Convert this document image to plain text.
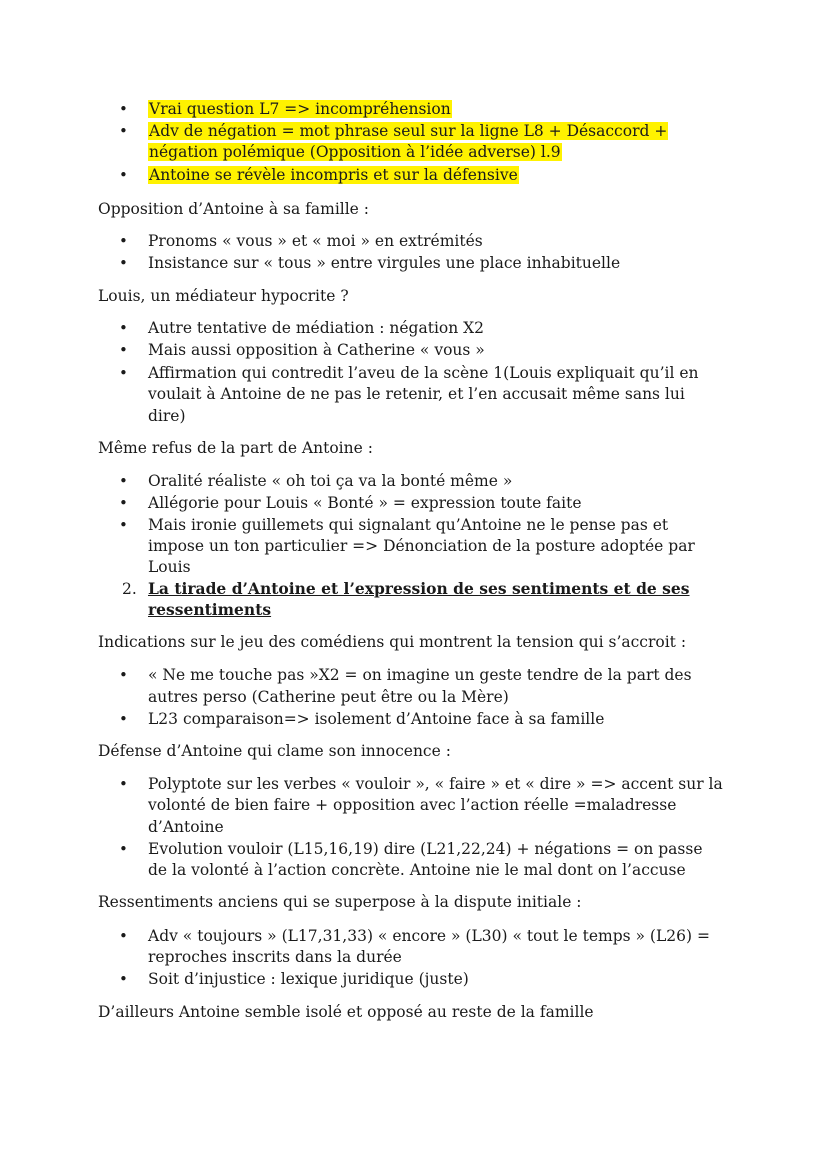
• Vrai question L7 => incompréhension
• Adv de négation = mot phrase seul sur la ligne L8 + Désaccord +
négation polémique (Opposition à l’idée adverse) l.9
• Antoine se révèle incompris et sur la défensive
Opposition d’Antoine à sa famille :
• Pronoms « vous » et « moi » en extrémités
• Insistance sur « tous » entre virgules une place inhabituelle
Louis, un médiateur hypocrite ?
• Autre tentative de médiation : négation X2
• Mais aussi opposition à Catherine « vous »
• Affirmation qui contredit l’aveu de la scène 1(Louis expliquait qu’il en
voulait à Antoine de ne pas le retenir, et l’en accusait même sans lui
dire)
Même refus de la part de Antoine :
• Oralité réaliste « oh toi ça va la bonté même »
• Allégorie pour Louis « Bonté » = expression toute faite
• Mais ironie guillemets qui signalant qu’Antoine ne le pense pas et
impose un ton particulier => Dénonciation de la posture adoptée par
Louis
2. La tirade d’Antoine et l’expression de ses sentiments et de ses
ressentiments
Indications sur le jeu des comédiens qui montrent la tension qui s’accroit :
• « Ne me touche pas »X2 = on imagine un geste tendre de la part des
autres perso (Catherine peut être ou la Mère)
• L23 comparaison=> isolement d’Antoine face à sa famille
Défense d’Antoine qui clame son innocence :
• Polyptote sur les verbes « vouloir », « faire » et « dire » => accent sur la
volonté de bien faire + opposition avec l’action réelle =maladresse
d’Antoine
• Evolution vouloir (L15,16,19) dire (L21,22,24) + négations = on passe
de la volonté à l’action concrète. Antoine nie le mal dont on l’accuse
Ressentiments anciens qui se superpose à la dispute initiale :
• Adv « toujours » (L17,31,33) « encore » (L30) « tout le temps » (L26) =
reproches inscrits dans la durée
• Soit d’injustice : lexique juridique (juste)
D’ailleurs Antoine semble isolé et opposé au reste de la famille
